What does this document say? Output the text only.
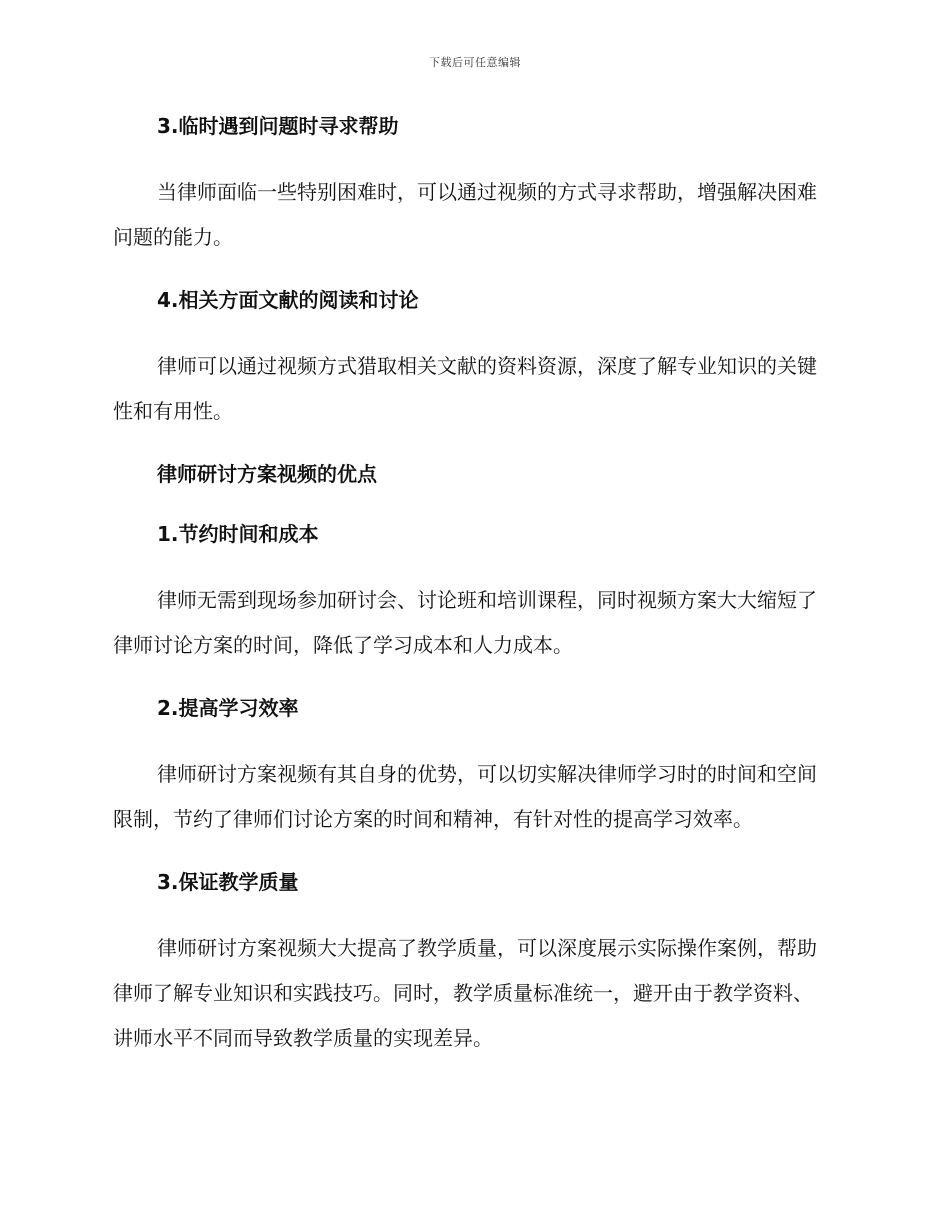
下载后可任意编辑
3.临时遇到问题时寻求帮助
当律师面临一些特别困难时，可以通过视频的方式寻求帮助，增强解决困难问题的能力。
4.相关方面文献的阅读和讨论
律师可以通过视频方式猎取相关文献的资料资源，深度了解专业知识的关键性和有用性。
律师研讨方案视频的优点
1.节约时间和成本
律师无需到现场参加研讨会、讨论班和培训课程，同时视频方案大大缩短了律师讨论方案的时间，降低了学习成本和人力成本。
2.提高学习效率
律师研讨方案视频有其自身的优势，可以切实解决律师学习时的时间和空间限制，节约了律师们讨论方案的时间和精神，有针对性的提高学习效率。
3.保证教学质量
律师研讨方案视频大大提高了教学质量，可以深度展示实际操作案例，帮助律师了解专业知识和实践技巧。同时，教学质量标准统一，避开由于教学资料、讲师水平不同而导致教学质量的实现差异。
